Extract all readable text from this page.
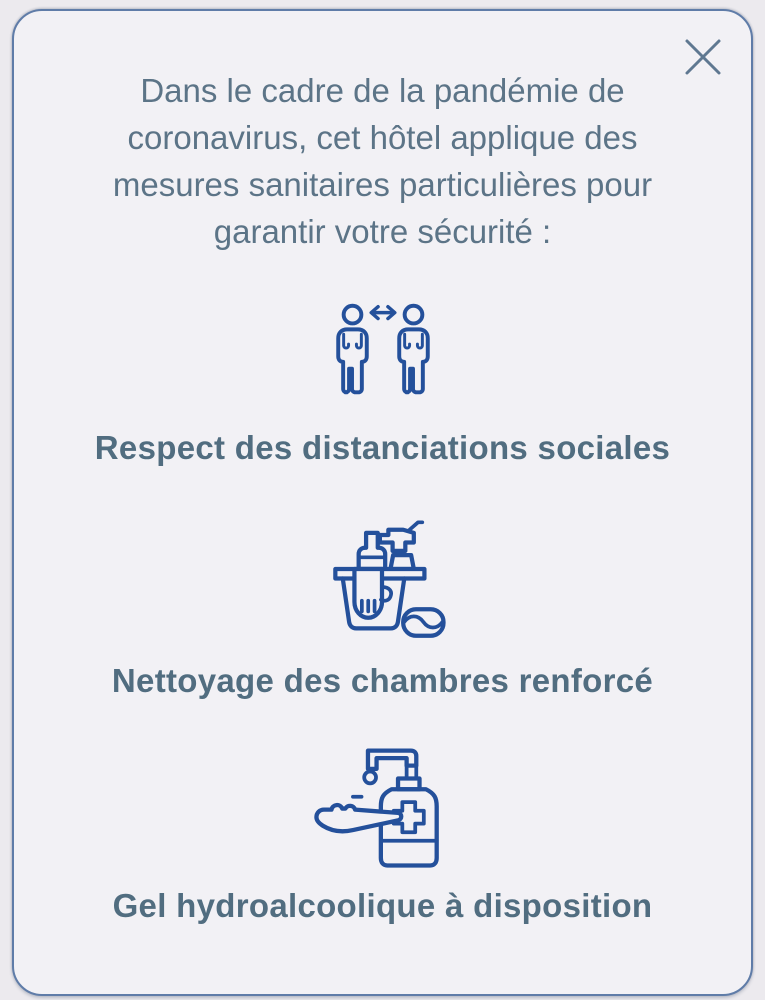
Dans le cadre de la pandémie de coronavirus, cet hôtel applique des mesures sanitaires particulières pour garantir votre sécurité :

Respect des distanciations sociales
Nettoyage des chambres renforcé
Gel hydroalcoolique à disposition
